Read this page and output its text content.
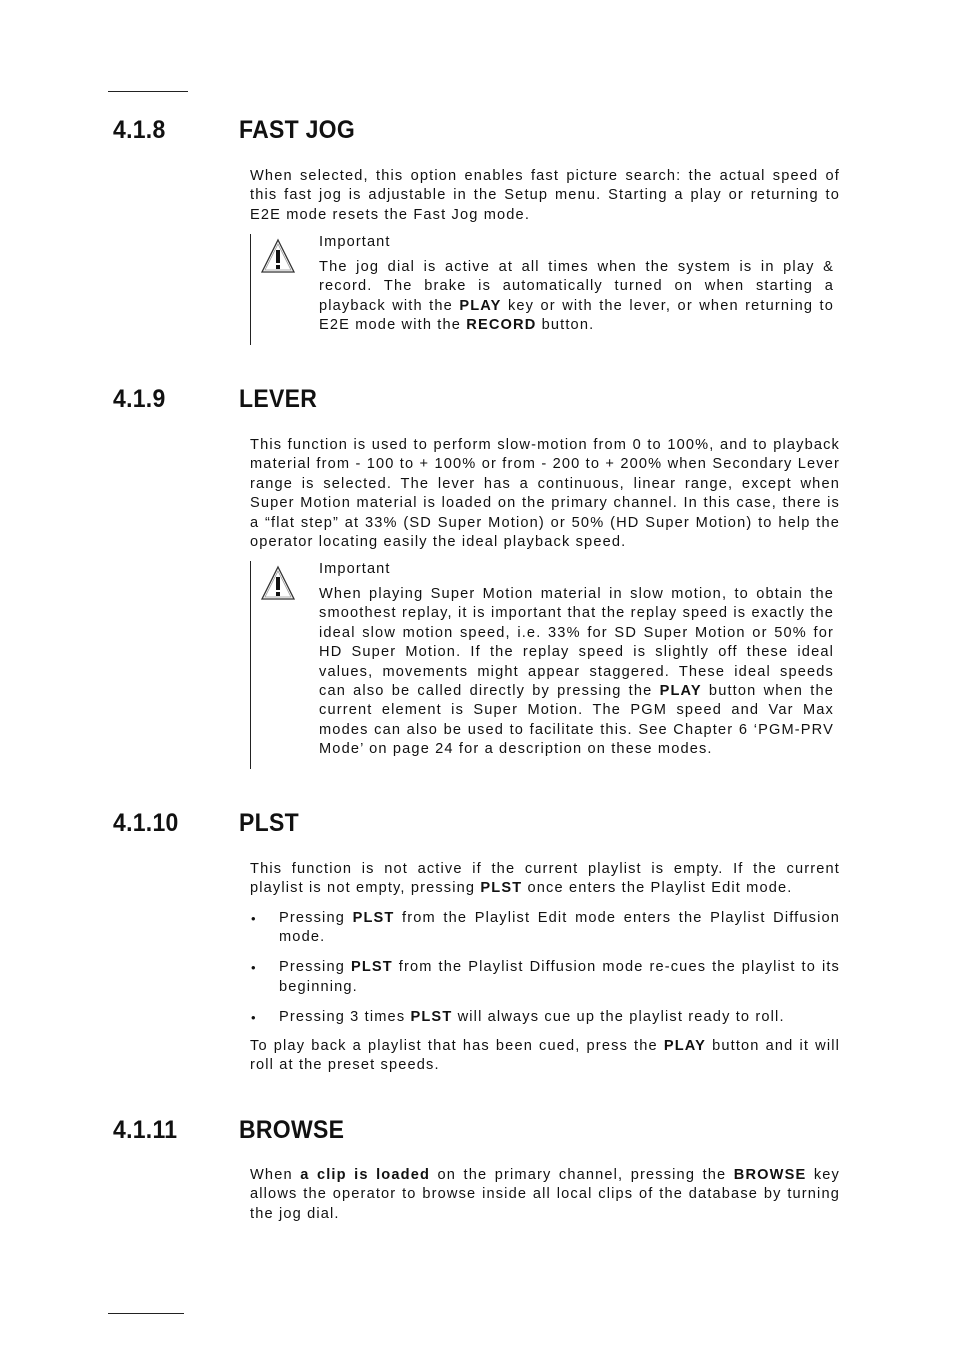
4.1.8	FAST JOG

When selected, this option enables fast picture search: the actual speed of this fast jog is adjustable in the Setup menu. Starting a play or returning to E2E mode resets the Fast Jog mode.

Important

The jog dial is active at all times when the system is in play & record. The brake is automatically turned on when starting a playback with the PLAY key or with the lever, or when returning to E2E mode with the RECORD button.

4.1.9	LEVER

This function is used to perform slow-motion from 0 to 100%, and to playback material from - 100 to + 100% or from - 200 to + 200% when Secondary Lever range is selected. The lever has a continuous, linear range, except when Super Motion material is loaded on the primary channel. In this case, there is a “flat step” at 33% (SD Super Motion) or 50% (HD Super Motion) to help the operator locating easily the ideal playback speed.

Important

When playing Super Motion material in slow motion, to obtain the smoothest replay, it is important that the replay speed is exactly the ideal slow motion speed, i.e. 33% for SD Super Motion or 50% for HD Super Motion. If the replay speed is slightly off these ideal values, movements might appear staggered. These ideal speeds can also be called directly by pressing the PLAY button when the current element is Super Motion. The PGM speed and Var Max modes can also be used to facilitate this. See Chapter 6 ‘PGM-PRV Mode’ on page 24 for a description on these modes.

4.1.10 PLST

This function is not active if the current playlist is empty. If the current playlist is not empty, pressing PLST once enters the Playlist Edit mode.

• Pressing PLST from the Playlist Edit mode enters the Playlist Diffusion mode.
• Pressing PLST from the Playlist Diffusion mode re-cues the playlist to its beginning.
• Pressing 3 times PLST will always cue up the playlist ready to roll.

To play back a playlist that has been cued, press the PLAY button and it will roll at the preset speeds.

4.1.11 BROWSE

When a clip is loaded on the primary channel, pressing the BROWSE key allows the operator to browse inside all local clips of the database by turning the jog dial.
